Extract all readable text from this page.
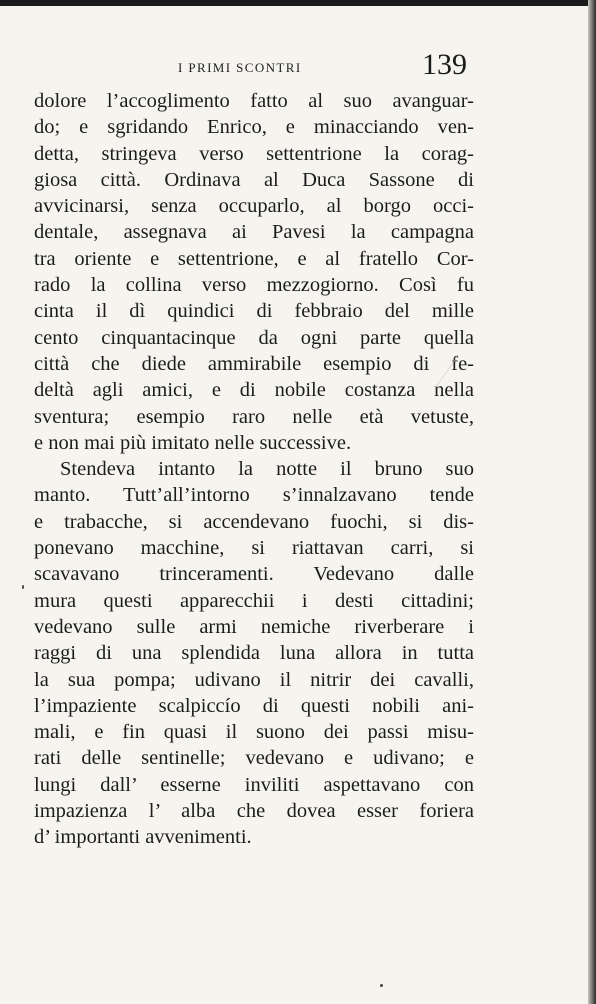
I PRIMI SCONTRI	139
dolore l’accoglimento fatto al suo avanguar-
do; e sgridando Enrico, e minacciando ven-
detta, stringeva verso settentrione la corag-
giosa città. Ordinava al Duca Sassone di
avvicinarsi, senza occuparlo, al borgo occi-
dentale, assegnava ai Pavesi la campagna
tra oriente e settentrione, e al fratello Cor-
rado la collina verso mezzogiorno. Così fu
cinta il dì quindici di febbraio del mille
cento cinquantacinque da ogni parte quella
città che diede ammirabile esempio di fe-
deltà agli amici, e di nobile costanza nella
sventura; esempio raro nelle età vetuste,
e non mai più imitato nelle successive.
Stendeva intanto la notte il bruno suo
manto. Tutt’all’intorno s’innalzavano tende
e trabacche, si accendevano fuochi, si dis-
ponevano macchine, si riattavan carri, si
scavavano trinceramenti. Vedevano dalle
mura questi apparecchii i desti cittadini;
vedevano sulle armi nemiche riverberare i
raggi di una splendida luna allora in tutta
la sua pompa; udivano il nitrir dei cavalli,
l’impaziente scalpiccío di questi nobili ani-
mali, e fin quasi il suono dei passi misu-
rati delle sentinelle; vedevano e udivano; e
lungi dall’ esserne inviliti aspettavano con
impazienza l’ alba che dovea esser foriera
d’ importanti avvenimenti.
